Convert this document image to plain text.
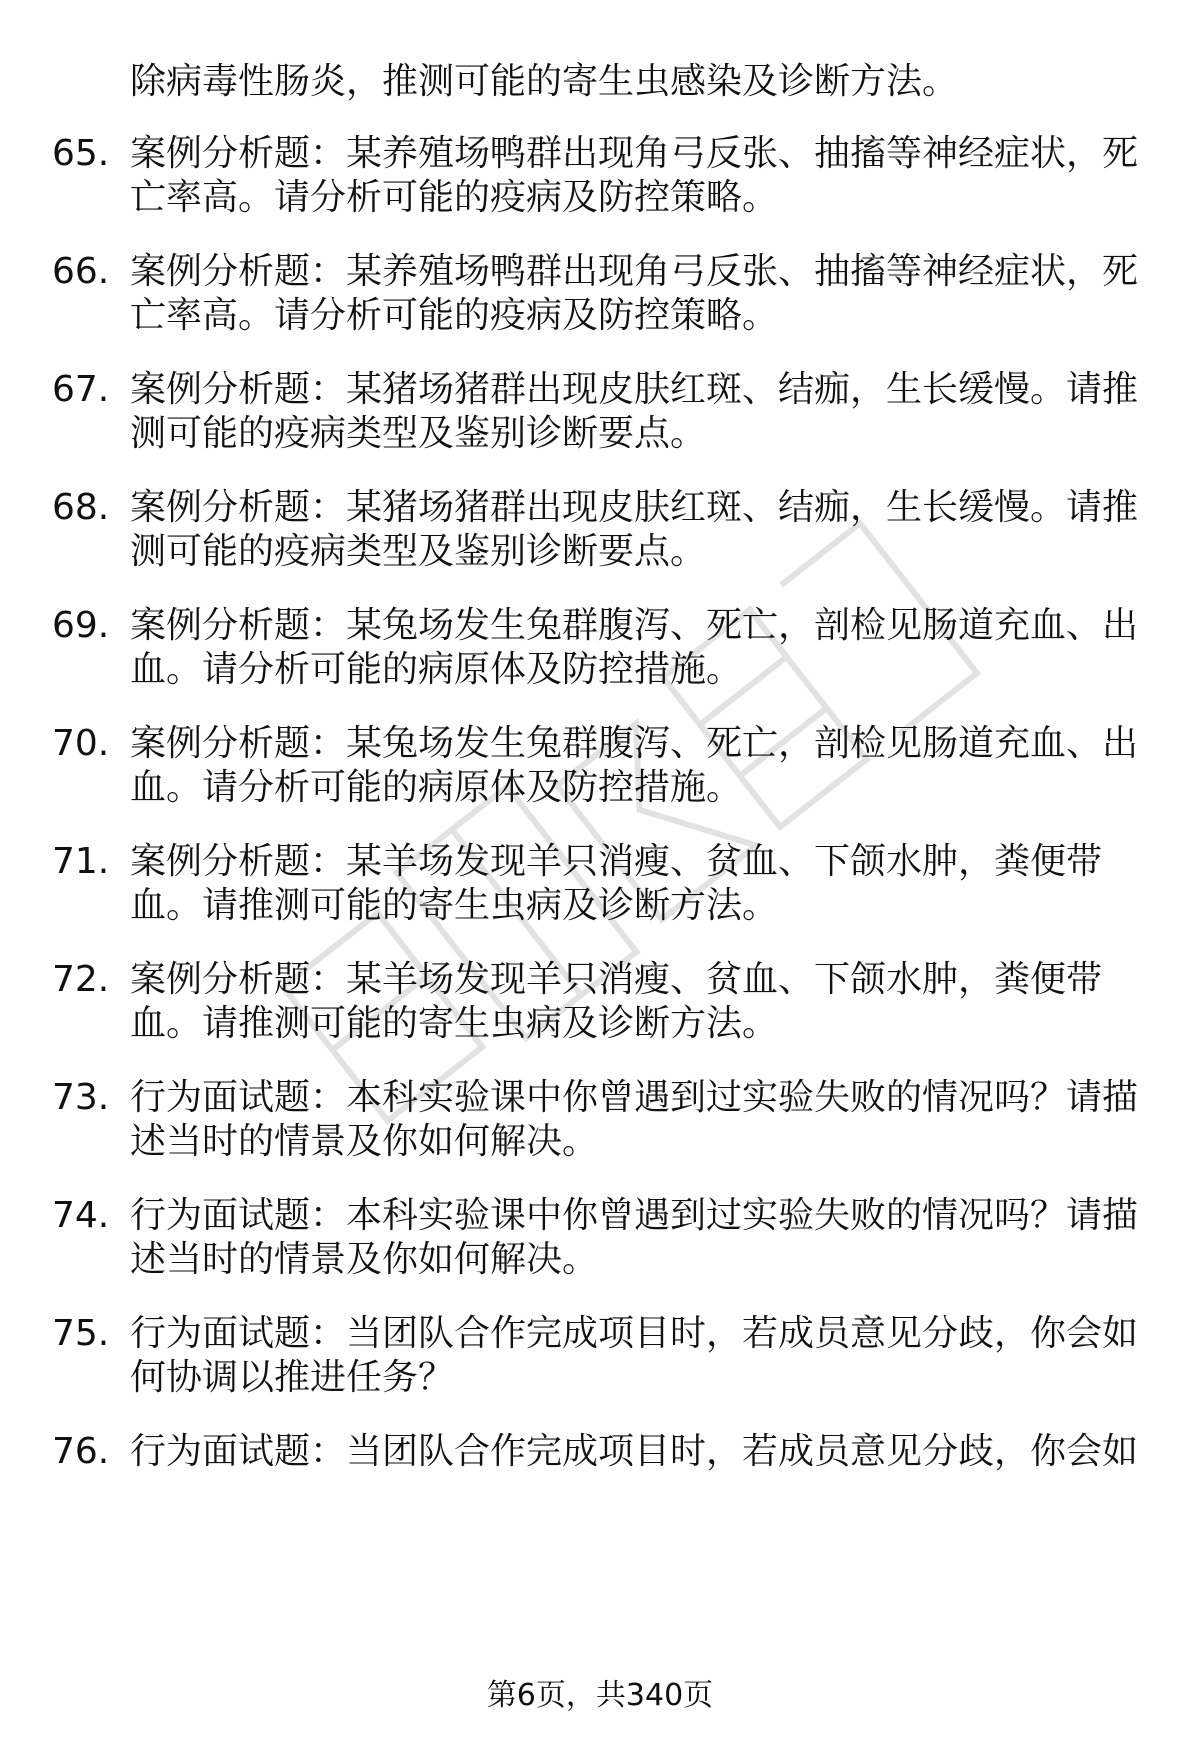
除病毒性肠炎，推测可能的寄生虫感染及诊断方法。
65. 案例分析题：某养殖场鸭群出现角弓反张、抽搐等神经症状，死
亡率高。请分析可能的疫病及防控策略。
66. 案例分析题：某养殖场鸭群出现角弓反张、抽搐等神经症状，死
亡率高。请分析可能的疫病及防控策略。
67. 案例分析题：某猪场猪群出现皮肤红斑、结痂，生长缓慢。请推
测可能的疫病类型及鉴别诊断要点。
68. 案例分析题：某猪场猪群出现皮肤红斑、结痂，生长缓慢。请推
测可能的疫病类型及鉴别诊断要点。
69. 案例分析题：某兔场发生兔群腹泻、死亡，剖检见肠道充血、出
血。请分析可能的病原体及防控措施。
70. 案例分析题：某兔场发生兔群腹泻、死亡，剖检见肠道充血、出
血。请分析可能的病原体及防控措施。
71. 案例分析题：某羊场发现羊只消瘦、贫血、下颌水肿，粪便带
血。请推测可能的寄生虫病及诊断方法。
72. 案例分析题：某羊场发现羊只消瘦、贫血、下颌水肿，粪便带
血。请推测可能的寄生虫病及诊断方法。
73. 行为面试题：本科实验课中你曾遇到过实验失败的情况吗？请描
述当时的情景及你如何解决。
74. 行为面试题：本科实验课中你曾遇到过实验失败的情况吗？请描
述当时的情景及你如何解决。
75. 行为面试题：当团队合作完成项目时，若成员意见分歧，你会如
何协调以推进任务？
76. 行为面试题：当团队合作完成项目时，若成员意见分歧，你会如
第6页，共340页
